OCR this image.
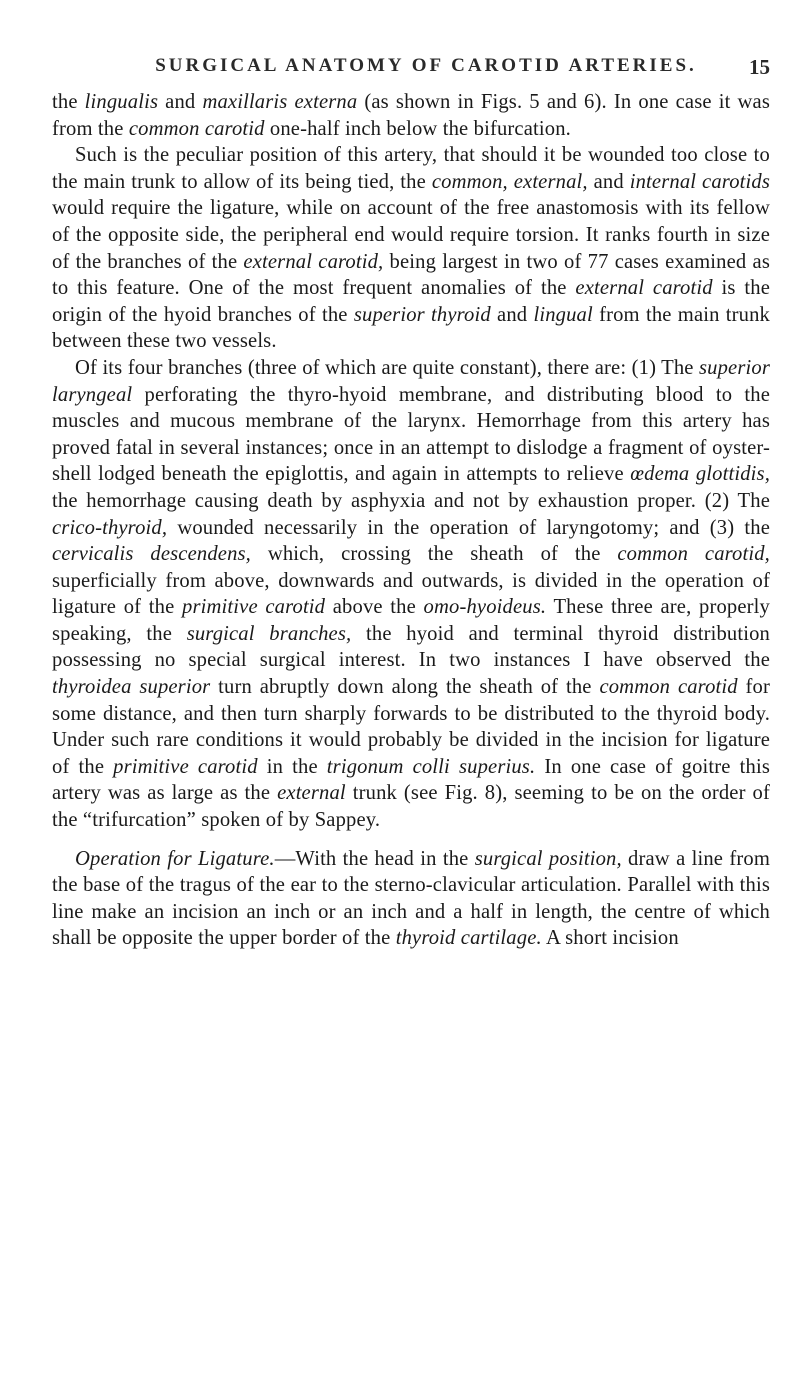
SURGICAL ANATOMY OF CAROTID ARTERIES. 15

the lingualis and maxillaris externa (as shown in Figs. 5 and 6). In one case it was from the common carotid one-half inch below the bifurcation.

Such is the peculiar position of this artery, that should it be wounded too close to the main trunk to allow of its being tied, the common, external, and internal carotids would require the ligature, while on account of the free anastomosis with its fellow of the opposite side, the peripheral end would require torsion. It ranks fourth in size of the branches of the external carotid, being largest in two of 77 cases examined as to this feature. One of the most frequent anomalies of the external carotid is the origin of the hyoid branches of the superior thyroid and lingual from the main trunk between these two vessels.

Of its four branches (three of which are quite constant), there are: (1) The superior laryngeal perforating the thyro-hyoid membrane, and distributing blood to the muscles and mucous membrane of the larynx. Hemorrhage from this artery has proved fatal in several instances; once in an attempt to dislodge a fragment of oyster-shell lodged beneath the epiglottis, and again in attempts to relieve œdema glottidis, the hemorrhage causing death by asphyxia and not by exhaustion proper. (2) The crico-thyroid, wounded necessarily in the operation of laryngotomy; and (3) the cervicalis descendens, which, crossing the sheath of the common carotid, superficially from above, downwards and outwards, is divided in the operation of ligature of the primitive carotid above the omo-hyoideus. These three are, properly speaking, the surgical branches, the hyoid and terminal thyroid distribution possessing no special surgical interest. In two instances I have observed the thyroidea superior turn abruptly down along the sheath of the common carotid for some distance, and then turn sharply forwards to be distributed to the thyroid body. Under such rare conditions it would probably be divided in the incision for ligature of the primitive carotid in the trigonum colli superius. In one case of goitre this artery was as large as the external trunk (see Fig. 8), seeming to be on the order of the “trifurcation” spoken of by Sappey.

Operation for Ligature.—With the head in the surgical position, draw a line from the base of the tragus of the ear to the sterno-clavicular articulation. Parallel with this line make an incision an inch or an inch and a half in length, the centre of which shall be opposite the upper border of the thyroid cartilage. A short incision
